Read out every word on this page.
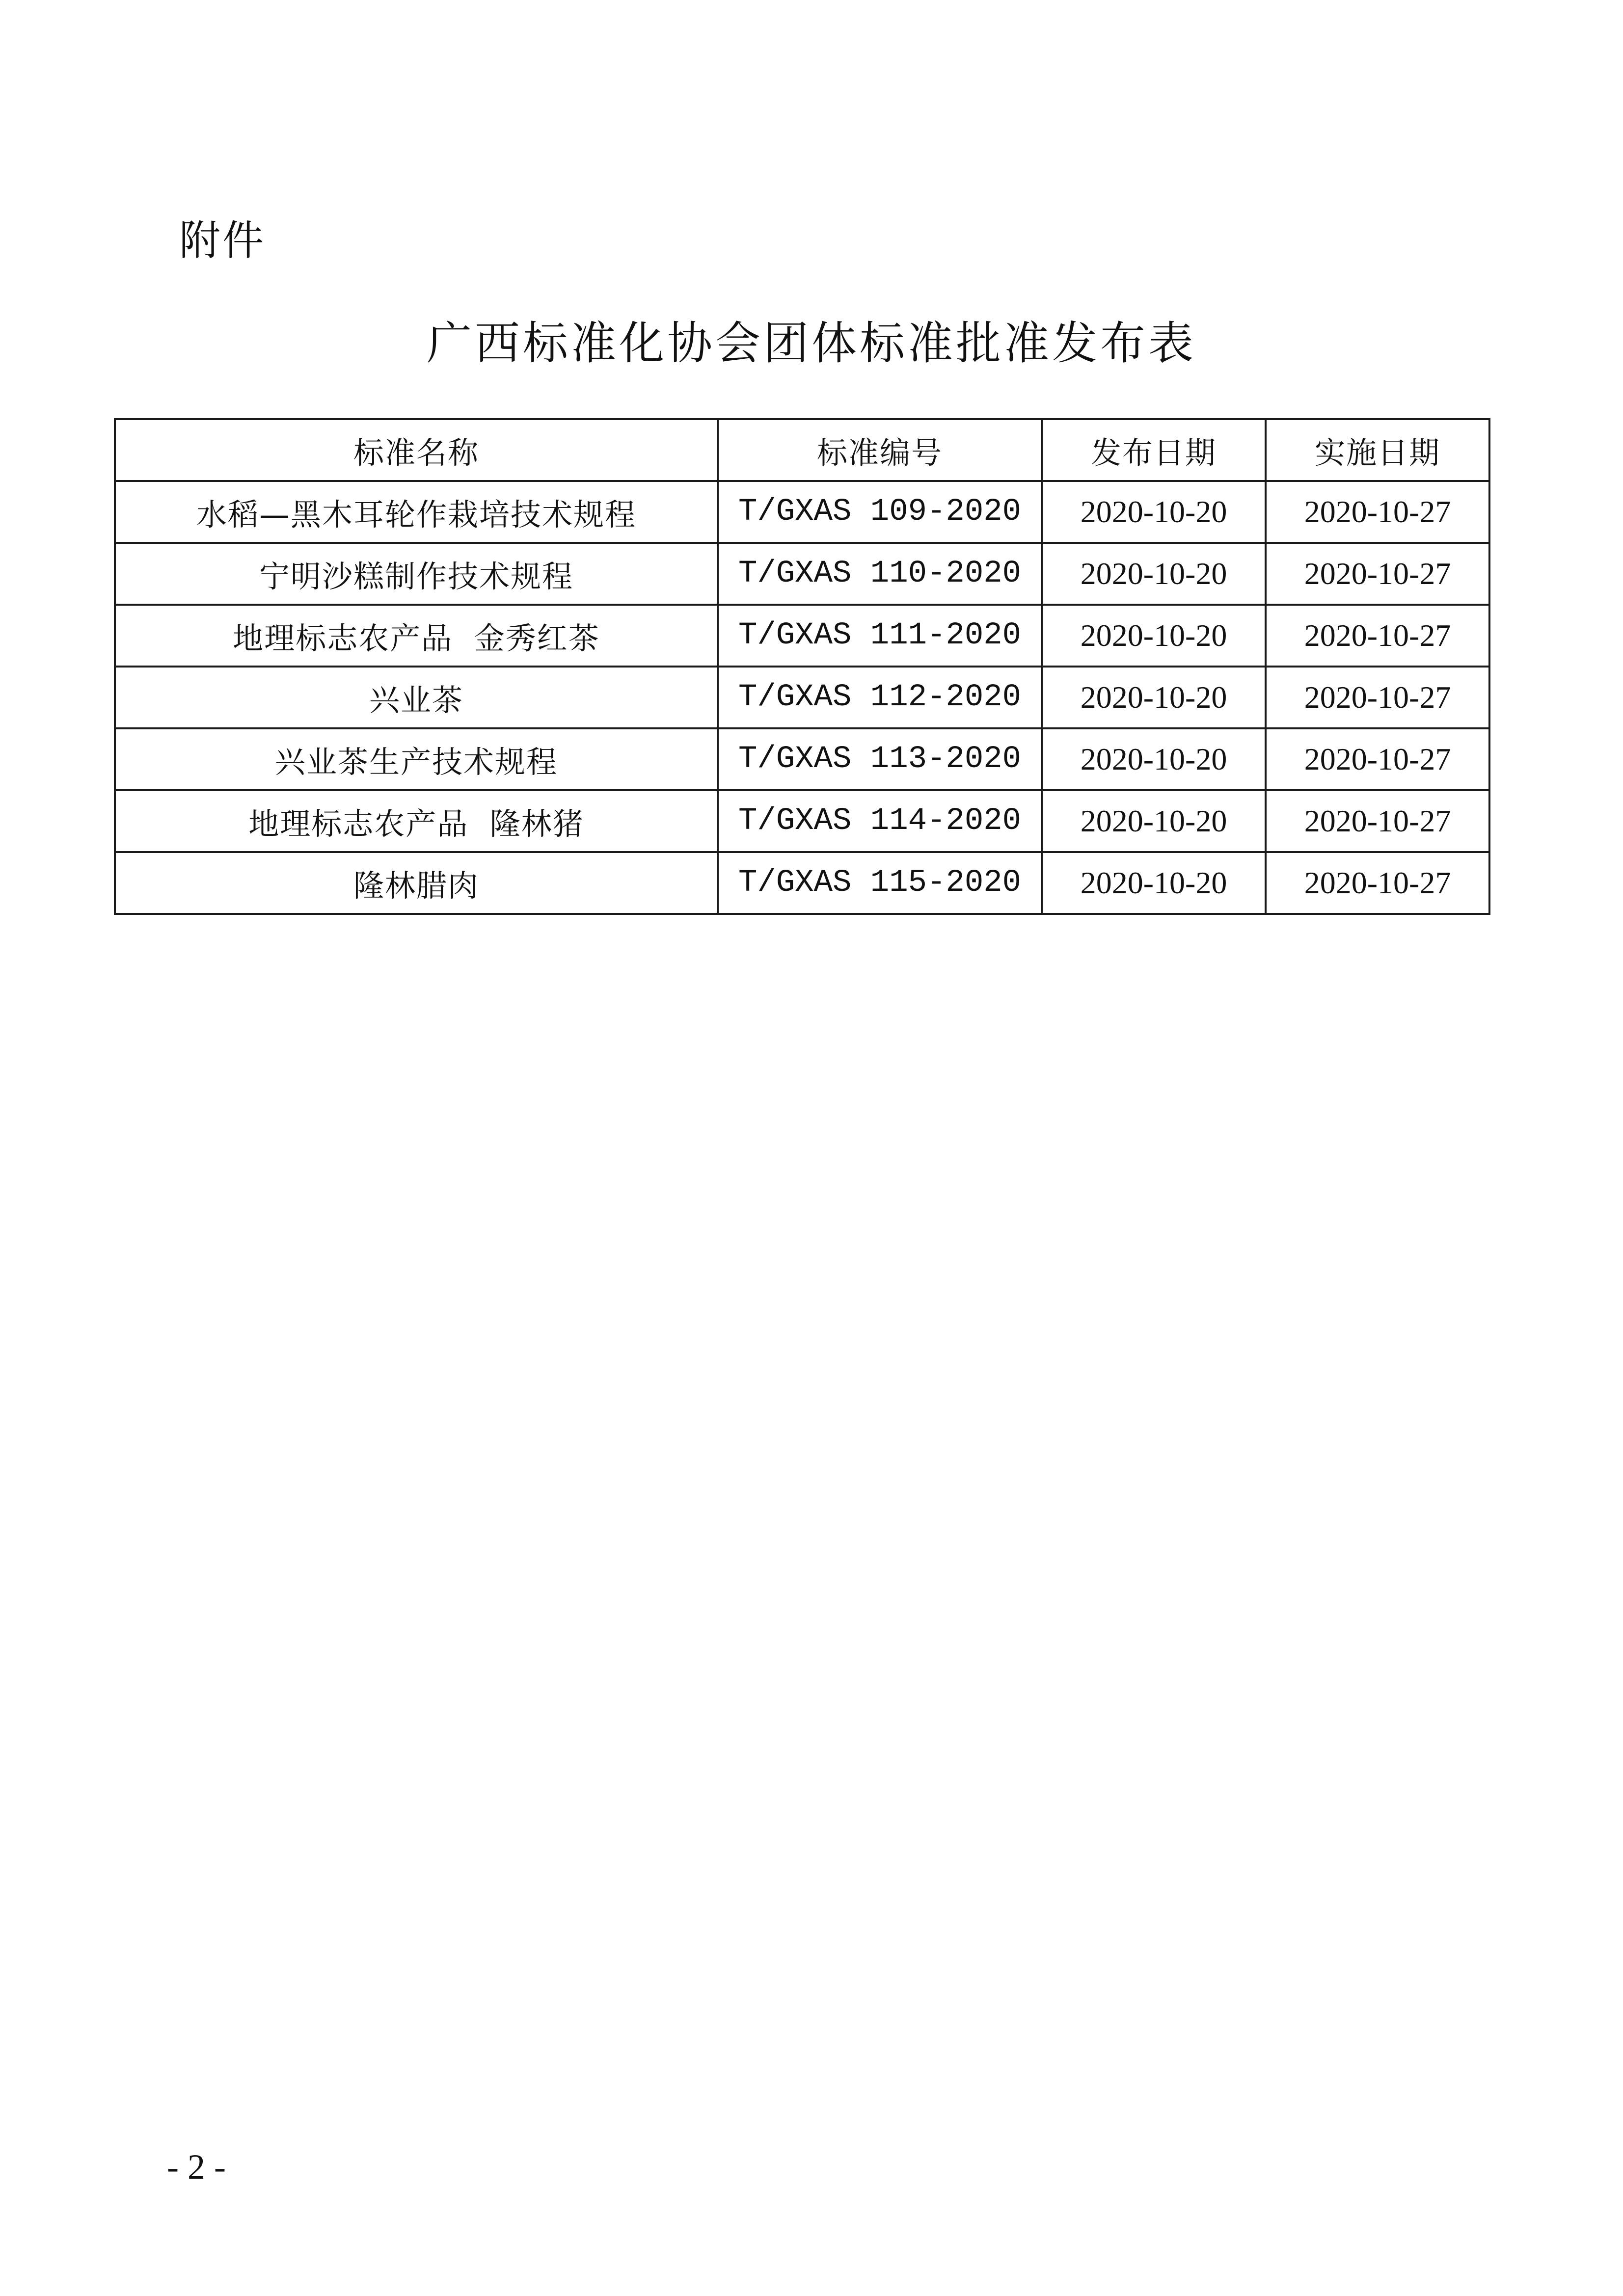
附件
广西标准化协会团体标准批准发布表
标准名称	标准编号	发布日期	实施日期
水稻—黑木耳轮作栽培技术规程	T/GXAS 109-2020	2020-10-20	2020-10-27
宁明沙糕制作技术规程	T/GXAS 110-2020	2020-10-20	2020-10-27
地理标志农产品  金秀红茶	T/GXAS 111-2020	2020-10-20	2020-10-27
兴业茶	T/GXAS 112-2020	2020-10-20	2020-10-27
兴业茶生产技术规程	T/GXAS 113-2020	2020-10-20	2020-10-27
地理标志农产品  隆林猪	T/GXAS 114-2020	2020-10-20	2020-10-27
隆林腊肉	T/GXAS 115-2020	2020-10-20	2020-10-27
- 2 -
